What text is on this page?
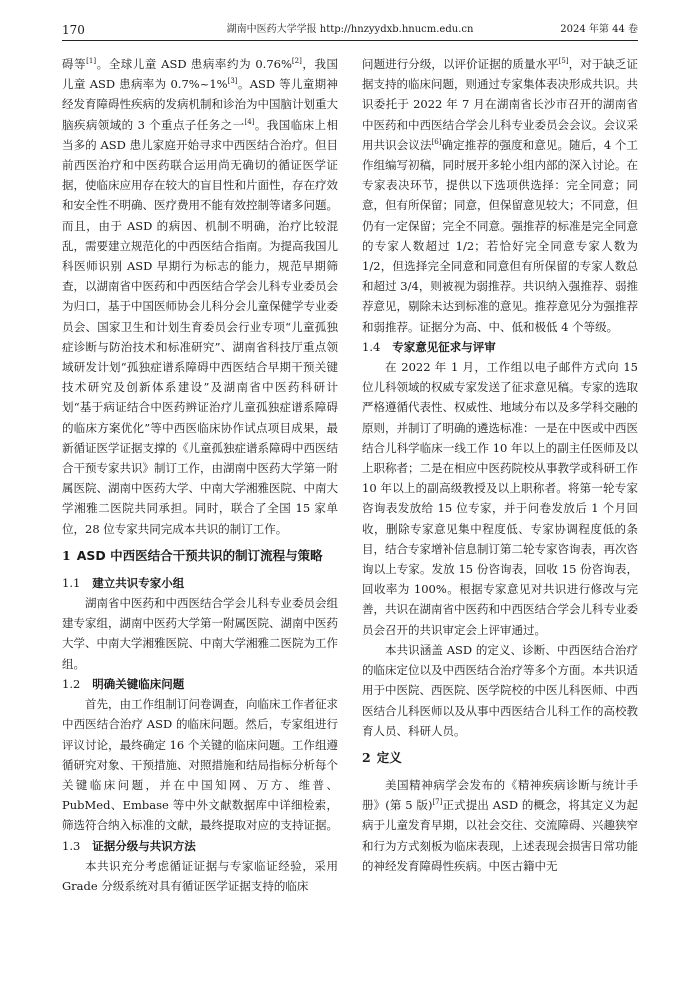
170	湖南中医药大学学报 http://hnzyydxb.hnucm.edu.cn	2024 年第 44 卷

碍等[1]。全球儿童 ASD 患病率约为 0.76%[2]，我国儿童 ASD 患病率为 0.7%~1%[3]。ASD 等儿童期神经发育障碍性疾病的发病机制和诊治为中国脑计划重大脑疾病领域的 3 个重点子任务之一[4]。我国临床上相当多的 ASD 患儿家庭开始寻求中西医结合治疗。但目前西医治疗和中医药联合运用尚无确切的循证医学证据，使临床应用存在较大的盲目性和片面性，存在疗效和安全性不明确、医疗费用不能有效控制等诸多问题。而且，由于 ASD 的病因、机制不明确，治疗比较混乱，需要建立规范化的中西医结合指南。为提高我国儿科医师识别 ASD 早期行为标志的能力，规范早期筛查，以湖南省中医药和中西医结合学会儿科专业委员会为归口，基于中国医师协会儿科分会儿童保健学专业委员会、国家卫生和计划生育委员会行业专项“儿童孤独症诊断与防治技术和标准研究”、湖南省科技厅重点领域研发计划“孤独症谱系障碍中西医结合早期干预关键技术研究及创新体系建设”及湖南省中医药科研计划“基于病证结合中医药辨证治疗儿童孤独症谱系障碍的临床方案优化”等中西医临床协作试点项目成果，最新循证医学证据支撑的《儿童孤独症谱系障碍中西医结合干预专家共识》制订工作，由湖南中医药大学第一附属医院、湖南中医药大学、中南大学湘雅医院、中南大学湘雅二医院共同承担。同时，联合了全国 15 家单位，28 位专家共同完成本共识的制订工作。

1 ASD 中西医结合干预共识的制订流程与策略
1.1 建立共识专家小组

湖南省中医药和中西医结合学会儿科专业委员会组建专家组，湖南中医药大学第一附属医院、湖南中医药大学、中南大学湘雅医院、中南大学湘雅二医院为工作组。

1.2 明确关键临床问题

首先，由工作组制订问卷调查，向临床工作者征求中西医结合治疗 ASD 的临床问题。然后，专家组进行评议讨论，最终确定 16 个关键的临床问题。工作组遵循研究对象、干预措施、对照措施和结局指标分析每个关键临床问题，并在中国知网、万方、维普、PubMed、Embase 等中外文献数据库中详细检索，筛选符合纳入标准的文献，最终提取对应的支持证据。

1.3 证据分级与共识方法

本共识充分考虑循证证据与专家临证经验，采用 Grade 分级系统对具有循证医学证据支持的临床

问题进行分级，以评价证据的质量水平[5]，对于缺乏证据支持的临床问题，则通过专家集体表决形成共识。共识委托于 2022 年 7 月在湖南省长沙市召开的湖南省中医药和中西医结合学会儿科专业委员会会议。会议采用共识会议法[6]确定推荐的强度和意见。随后，4 个工作组编写初稿，同时展开多轮小组内部的深入讨论。在专家表决环节，提供以下选项供选择：完全同意；同意，但有所保留；同意，但保留意见较大；不同意，但仍有一定保留；完全不同意。强推荐的标准是完全同意的专家人数超过 1/2；若恰好完全同意专家人数为 1/2，但选择完全同意和同意但有所保留的专家人数总和超过 3/4，则被视为弱推荐。共识纳入强推荐、弱推荐意见，剔除未达到标准的意见。推荐意见分为强推荐和弱推荐。证据分为高、中、低和极低 4 个等级。

1.4 专家意见征求与评审

在 2022 年 1 月，工作组以电子邮件方式向 15 位儿科领域的权威专家发送了征求意见稿。专家的选取严格遵循代表性、权威性、地域分布以及多学科交融的原则，并制订了明确的遴选标准：一是在中医或中西医结合儿科学临床一线工作 10 年以上的副主任医师及以上职称者；二是在相应中医药院校从事教学或科研工作 10 年以上的副高级教授及以上职称者。将第一轮专家咨询表发放给 15 位专家，并于问卷发放后 1 个月回收，删除专家意见集中程度低、专家协调程度低的条目，结合专家增补信息制订第二轮专家咨询表，再次咨询以上专家。发放 15 份咨询表，回收 15 份咨询表，回收率为 100%。根据专家意见对共识进行修改与完善，共识在湖南省中医药和中西医结合学会儿科专业委员会召开的共识审定会上评审通过。

本共识涵盖 ASD 的定义、诊断、中西医结合治疗的临床定位以及中西医结合治疗等多个方面。本共识适用于中医院、西医院、医学院校的中医儿科医师、中西医结合儿科医师以及从事中西医结合儿科工作的高校教育人员、科研人员。

2 定义

美国精神病学会发布的《精神疾病诊断与统计手册》(第 5 版)[7]正式提出 ASD 的概念，将其定义为起病于儿童发育早期，以社会交往、交流障碍、兴趣狭窄和行为方式刻板为临床表现，上述表现会损害日常功能的神经发育障碍性疾病。中医古籍中无
